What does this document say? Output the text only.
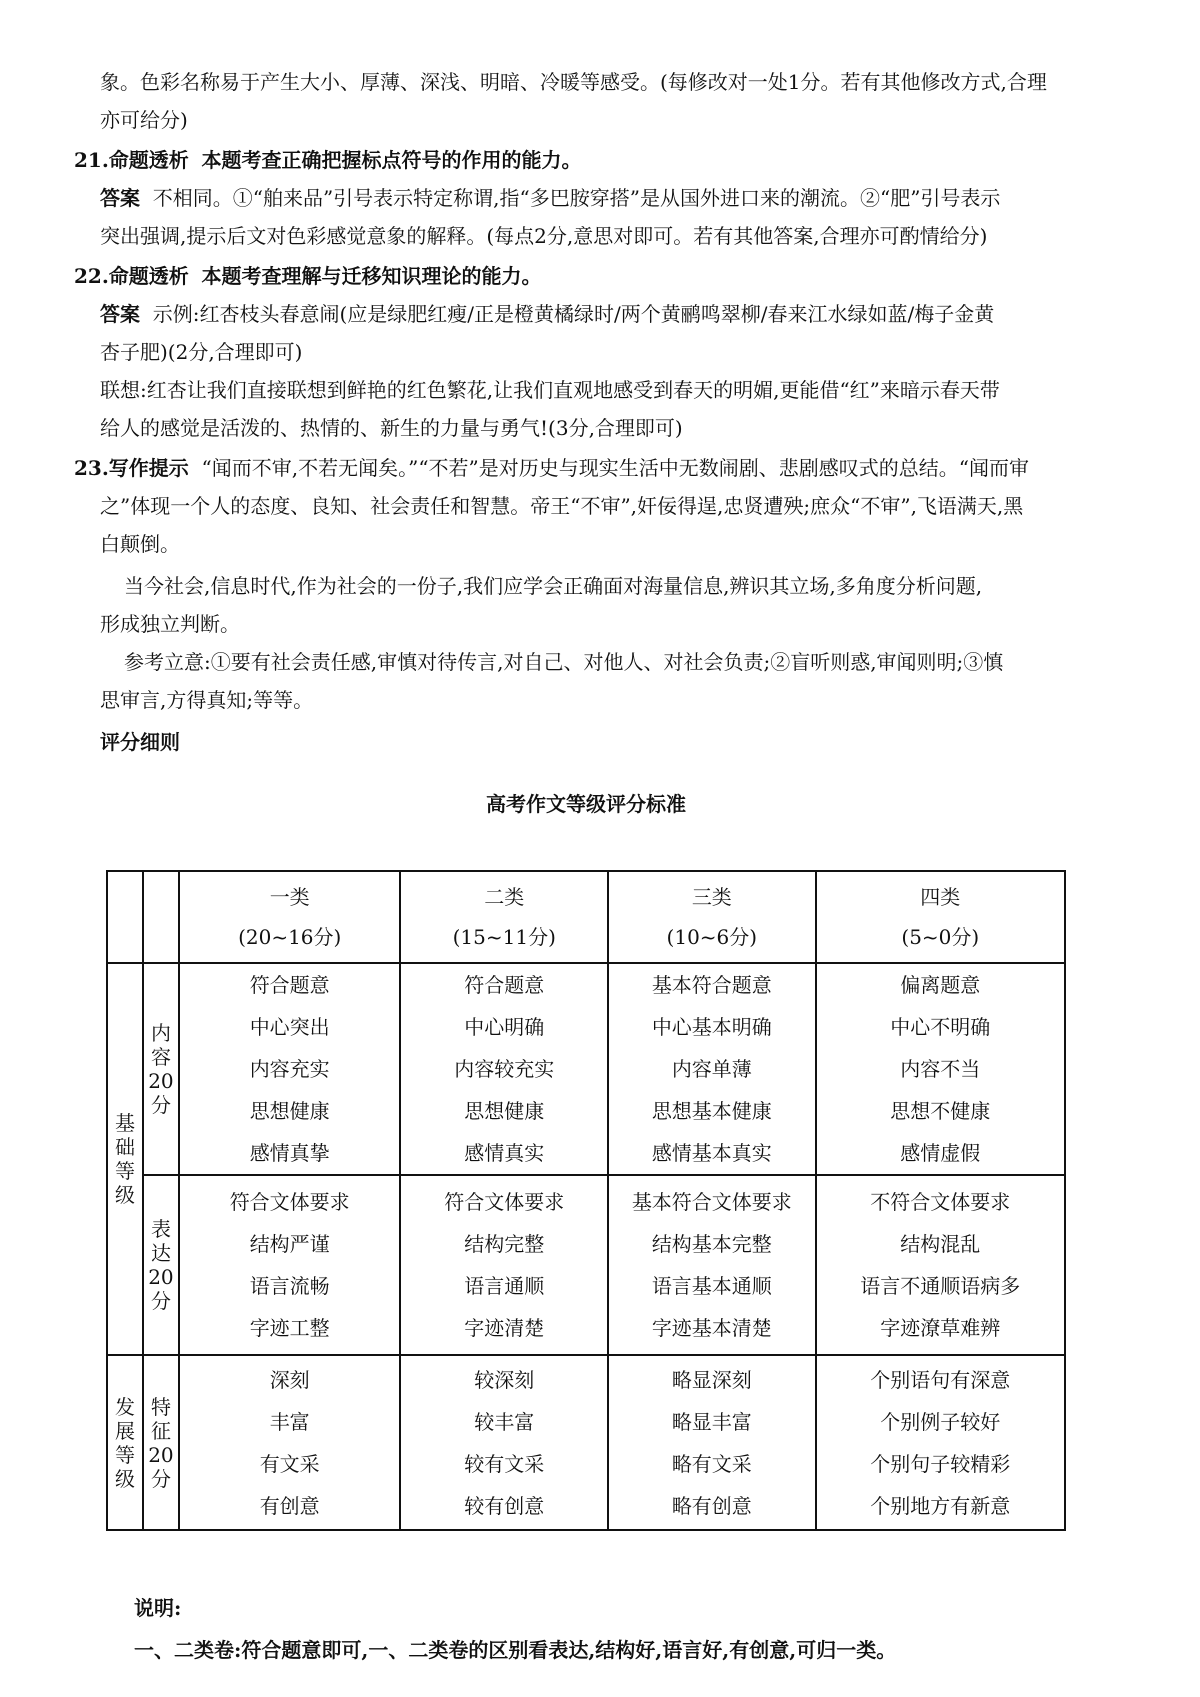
象。色彩名称易于产生大小、厚薄、深浅、明暗、冷暖等感受。(每修改对一处1分。若有其他修改方式,合理
亦可给分)
21.命题透析 本题考查正确把握标点符号的作用的能力。
答案 不相同。①“舶来品”引号表示特定称谓,指“多巴胺穿搭”是从国外进口来的潮流。②“肥”引号表示
突出强调,提示后文对色彩感觉意象的解释。(每点2分,意思对即可。若有其他答案,合理亦可酌情给分)
22.命题透析 本题考查理解与迁移知识理论的能力。
答案 示例:红杏枝头春意闹(应是绿肥红瘦/正是橙黄橘绿时/两个黄鹂鸣翠柳/春来江水绿如蓝/梅子金黄
杏子肥)(2分,合理即可)
联想:红杏让我们直接联想到鲜艳的红色繁花,让我们直观地感受到春天的明媚,更能借“红”来暗示春天带
给人的感觉是活泼的、热情的、新生的力量与勇气!(3分,合理即可)
23.写作提示 “闻而不审,不若无闻矣。”“不若”是对历史与现实生活中无数闹剧、悲剧感叹式的总结。“闻而审
之”体现一个人的态度、良知、社会责任和智慧。帝王“不审”,奸佞得逞,忠贤遭殃;庶众“不审”,飞语满天,黑
白颠倒。
当今社会,信息时代,作为社会的一份子,我们应学会正确面对海量信息,辨识其立场,多角度分析问题,
形成独立判断。
参考立意:①要有社会责任感,审慎对待传言,对自己、对他人、对社会负责;②盲听则惑,审闻则明;③慎
思审言,方得真知;等等。
评分细则
高考作文等级评分标准

		一类
(20~16分)	二类
(15~11分)	三类
(10~6分)	四类
(5~0分)

基
础
等
级	内
容
20
分	符合题意
中心突出
内容充实
思想健康
感情真挚	符合题意
中心明确
内容较充实
思想健康
感情真实	基本符合题意
中心基本明确
内容单薄
思想基本健康
感情基本真实	偏离题意
中心不明确
内容不当
思想不健康
感情虚假

	表
达
20
分	符合文体要求
结构严谨
语言流畅
字迹工整	符合文体要求
结构完整
语言通顺
字迹清楚	基本符合文体要求
结构基本完整
语言基本通顺
字迹基本清楚	不符合文体要求
结构混乱
语言不通顺语病多
字迹潦草难辨

发
展
等
级	特
征
20
分	深刻
丰富
有文采
有创意	较深刻
较丰富
较有文采
较有创意	略显深刻
略显丰富
略有文采
略有创意	个别语句有深意
个别例子较好
个别句子较精彩
个别地方有新意
说明:
一、二类卷:符合题意即可,一、二类卷的区别看表达,结构好,语言好,有创意,可归一类。
